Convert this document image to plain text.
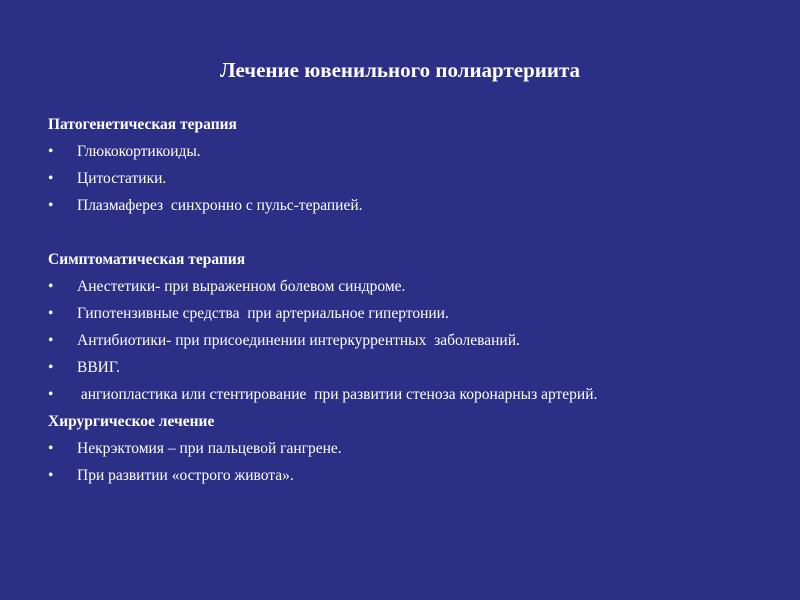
Лечение ювенильного полиартериита
Патогенетическая терапия
•	Глюкокортикоиды.
•	Цитостатики.
•	Плазмаферез  синхронно с пульс-терапией.
Симптоматическая терапия
•	Анестетики- при выраженном болевом синдроме.
•	Гипотензивные средства  при артериальное гипертонии.
•	Антибиотики- при присоединении интеркуррентных  заболеваний.
•	ВВИГ.
•	ангиопластика или стентирование  при развитии стеноза коронарныз артерий.
Хирургическое лечение
•	Некрэктомия – при пальцевой гангрене.
•	При развитии «острого живота».
